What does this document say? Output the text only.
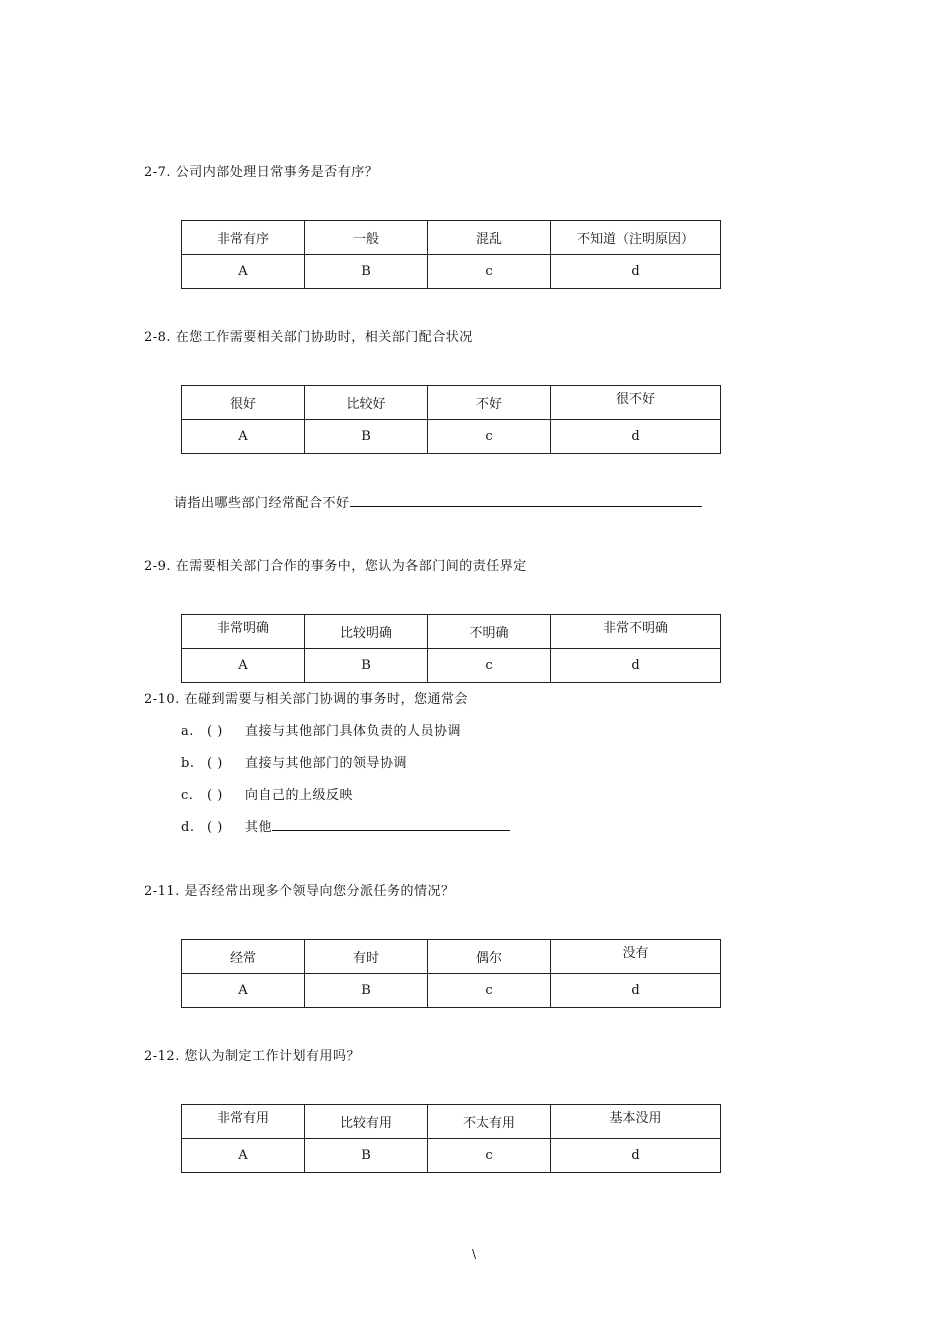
2-7. 公司内部处理日常事务是否有序？
非常有序	一般	混乱	不知道（注明原因）
A	B	c	d
2-8. 在您工作需要相关部门协助时，相关部门配合状况
很好	比较好	不好	很不好
A	B	c	d
请指出哪些部门经常配合不好
2-9. 在需要相关部门合作的事务中，您认为各部门间的责任界定
非常明确	比较明确	不明确	非常不明确
A	B	c	d
2-10. 在碰到需要与相关部门协调的事务时，您通常会
a. ( ) 直接与其他部门具体负责的人员协调
b. ( ) 直接与其他部门的领导协调
c. ( ) 向自己的上级反映
d. ( ) 其他
2-11. 是否经常出现多个领导向您分派任务的情况？
经常	有时	偶尔	没有
A	B	c	d
2-12. 您认为制定工作计划有用吗？
非常有用	比较有用	不太有用	基本没用
A	B	c	d
\
